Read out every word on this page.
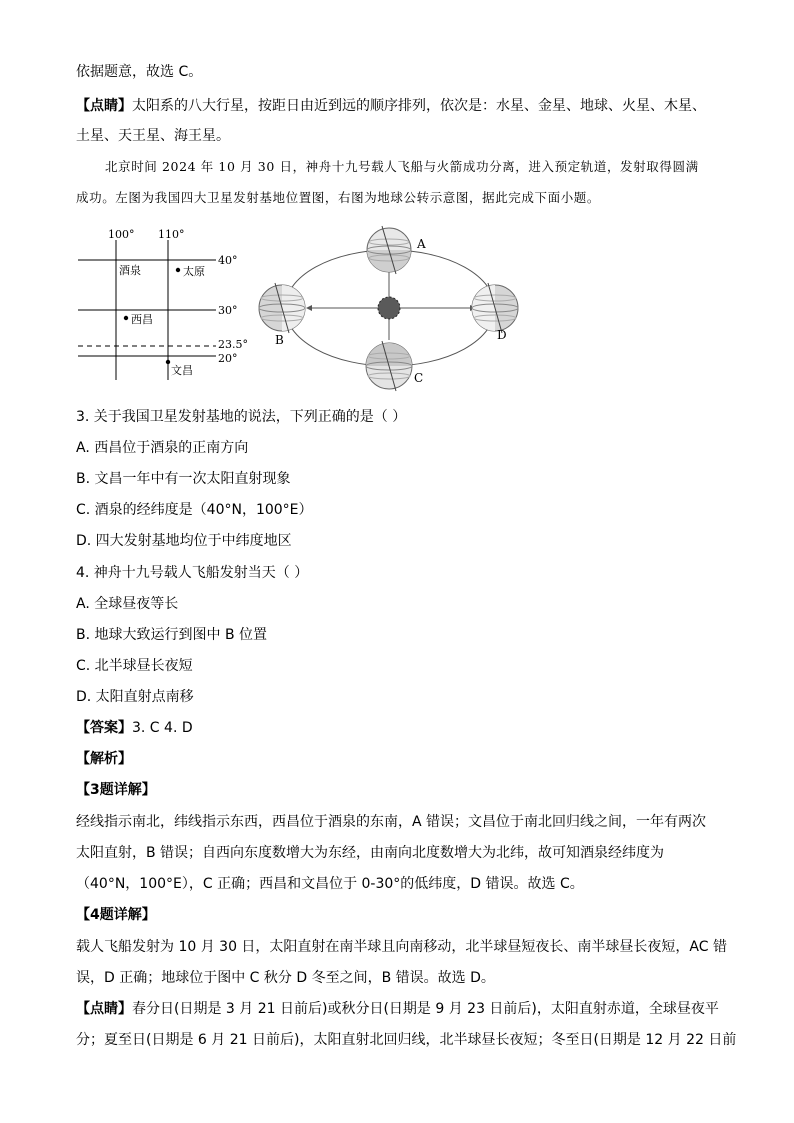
依据题意，故选 C。
【点睛】太阳系的八大行星，按距日由近到远的顺序排列，依次是：水星、金星、地球、火星、木星、
土星、天王星、海王星。
北京时间 2024 年 10 月 30 日，神舟十九号载人飞船与火箭成功分离，进入预定轨道，发射取得圆满
成功。左图为我国四大卫星发射基地位置图，右图为地球公转示意图，据此完成下面小题。
100° 110°
40°
30°
23.5°
20°
酒泉	太原
西昌
文昌
A
B
C
D
3. 关于我国卫星发射基地的说法，下列正确的是（ ）
A. 西昌位于酒泉的正南方向
B. 文昌一年中有一次太阳直射现象
C. 酒泉的经纬度是（40°N，100°E）
D. 四大发射基地均位于中纬度地区
4. 神舟十九号载人飞船发射当天（ ）
A. 全球昼夜等长
B. 地球大致运行到图中 B 位置
C. 北半球昼长夜短
D. 太阳直射点南移
【答案】3. C 4. D
【解析】
【3题详解】
经线指示南北，纬线指示东西，西昌位于酒泉的东南，A 错误；文昌位于南北回归线之间，一年有两次
太阳直射，B 错误；自西向东度数增大为东经，由南向北度数增大为北纬，故可知酒泉经纬度为
（40°N，100°E），C 正确；西昌和文昌位于 0-30°的低纬度，D 错误。故选 C。
【4题详解】
载人飞船发射为 10 月 30 日，太阳直射在南半球且向南移动，北半球昼短夜长、南半球昼长夜短，AC 错
误，D 正确；地球位于图中 C 秋分 D 冬至之间，B 错误。故选 D。
【点睛】春分日(日期是 3 月 21 日前后)或秋分日(日期是 9 月 23 日前后)，太阳直射赤道，全球昼夜平
分；夏至日(日期是 6 月 21 日前后)，太阳直射北回归线，北半球昼长夜短；冬至日(日期是 12 月 22 日前
